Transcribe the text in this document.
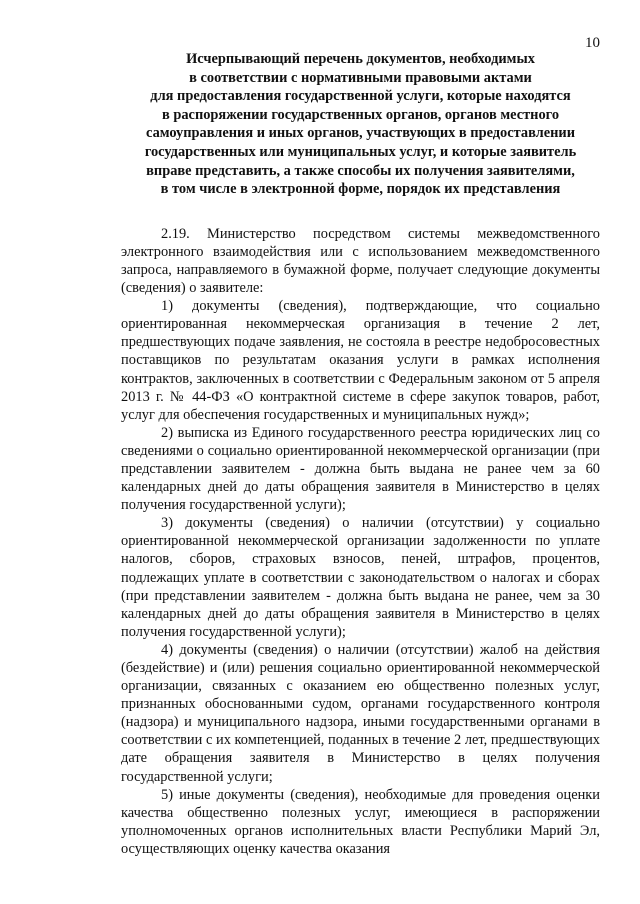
10
Исчерпывающий перечень документов, необходимых
в соответствии с нормативными правовыми актами
для предоставления государственной услуги, которые находятся
в распоряжении государственных органов, органов местного
самоуправления и иных органов, участвующих в предоставлении
государственных или муниципальных услуг, и которые заявитель
вправе представить, а также способы их получения заявителями,
в том числе в электронной форме, порядок их представления

2.19. Министерство посредством системы межведомственного электронного взаимодействия или с использованием межведомственного запроса, направляемого в бумажной форме, получает следующие документы (сведения) о заявителе:

1) документы (сведения), подтверждающие, что социально ориентированная некоммерческая организация в течение 2 лет, предшествующих подаче заявления, не состояла в реестре недобросовестных поставщиков по результатам оказания услуги в рамках исполнения контрактов, заключенных в соответствии с Федеральным законом от 5 апреля 2013 г. № 44-ФЗ «О контрактной системе в сфере закупок товаров, работ, услуг для обеспечения государственных и муниципальных нужд»;

2) выписка из Единого государственного реестра юридических лиц со сведениями о социально ориентированной некоммерческой организации (при представлении заявителем - должна быть выдана не ранее чем за 60 календарных дней до даты обращения заявителя в Министерство в целях получения государственной услуги);

3) документы (сведения) о наличии (отсутствии) у социально ориентированной некоммерческой организации задолженности по уплате налогов, сборов, страховых взносов, пеней, штрафов, процентов, подлежащих уплате в соответствии с законодательством о налогах и сборах (при представлении заявителем - должна быть выдана не ранее, чем за 30 календарных дней до даты обращения заявителя в Министерство в целях получения государственной услуги);

4) документы (сведения) о наличии (отсутствии) жалоб на действия (бездействие) и (или) решения социально ориентированной некоммерческой организации, связанных с оказанием ею общественно полезных услуг, признанных обоснованными судом, органами государственного контроля (надзора) и муниципального надзора, иными государственными органами в соответствии с их компетенцией, поданных в течение 2 лет, предшествующих дате обращения заявителя в Министерство в целях получения государственной услуги;

5) иные документы (сведения), необходимые для проведения оценки качества общественно полезных услуг, имеющиеся в распоряжении уполномоченных органов исполнительных власти Республики Марий Эл, осуществляющих оценку качества оказания
